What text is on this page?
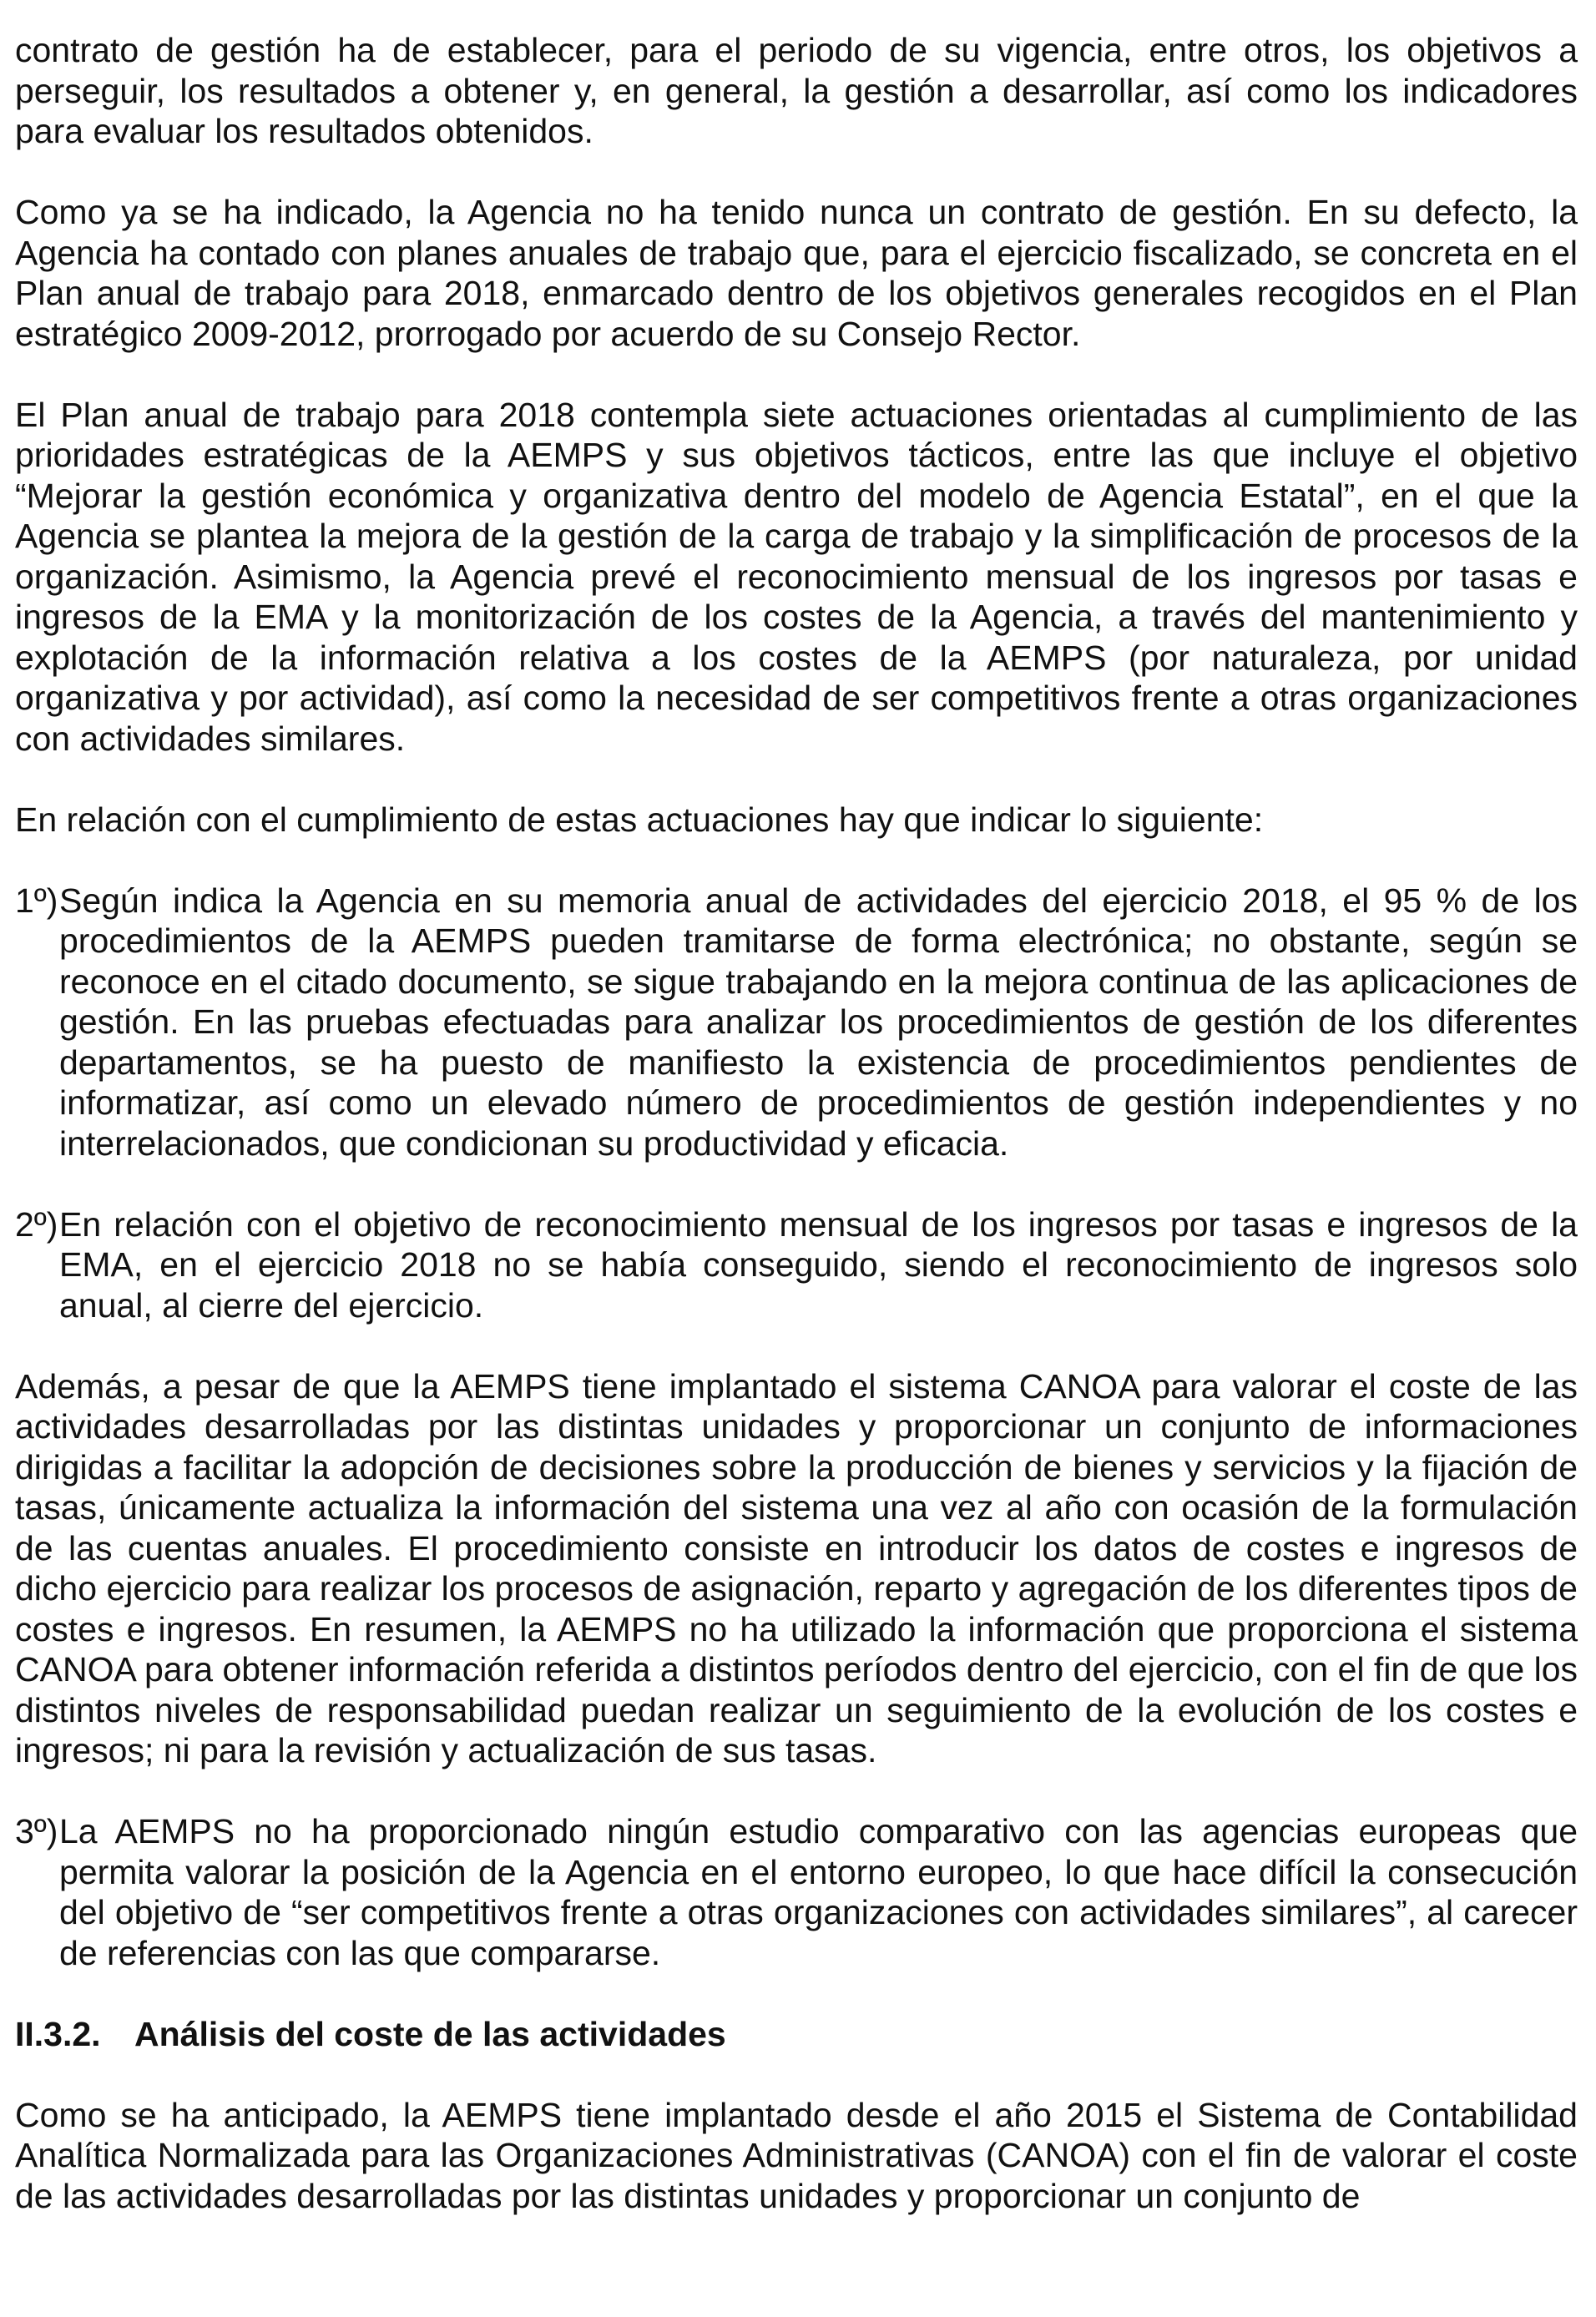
contrato de gestión ha de establecer, para el periodo de su vigencia, entre otros, los objetivos a perseguir, los resultados a obtener y, en general, la gestión a desarrollar, así como los indicadores para evaluar los resultados obtenidos.

Como ya se ha indicado, la Agencia no ha tenido nunca un contrato de gestión. En su defecto, la Agencia ha contado con planes anuales de trabajo que, para el ejercicio fiscalizado, se concreta en el Plan anual de trabajo para 2018, enmarcado dentro de los objetivos generales recogidos en el Plan estratégico 2009-2012, prorrogado por acuerdo de su Consejo Rector.

El Plan anual de trabajo para 2018 contempla siete actuaciones orientadas al cumplimiento de las prioridades estratégicas de la AEMPS y sus objetivos tácticos, entre las que incluye el objetivo “Mejorar la gestión económica y organizativa dentro del modelo de Agencia Estatal”, en el que la Agencia se plantea la mejora de la gestión de la carga de trabajo y la simplificación de procesos de la organización. Asimismo, la Agencia prevé el reconocimiento mensual de los ingresos por tasas e ingresos de la EMA y la monitorización de los costes de la Agencia, a través del mantenimiento y explotación de la información relativa a los costes de la AEMPS (por naturaleza, por unidad organizativa y por actividad), así como la necesidad de ser competitivos frente a otras organizaciones con actividades similares.

En relación con el cumplimiento de estas actuaciones hay que indicar lo siguiente:

1º)Según indica la Agencia en su memoria anual de actividades del ejercicio 2018, el 95 % de los procedimientos de la AEMPS pueden tramitarse de forma electrónica; no obstante, según se reconoce en el citado documento, se sigue trabajando en la mejora continua de las aplicaciones de gestión. En las pruebas efectuadas para analizar los procedimientos de gestión de los diferentes departamentos, se ha puesto de manifiesto la existencia de procedimientos pendientes de informatizar, así como un elevado número de procedimientos de gestión independientes y no interrelacionados, que condicionan su productividad y eficacia.
2º)En relación con el objetivo de reconocimiento mensual de los ingresos por tasas e ingresos de la EMA, en el ejercicio 2018 no se había conseguido, siendo el reconocimiento de ingresos solo anual, al cierre del ejercicio.

Además, a pesar de que la AEMPS tiene implantado el sistema CANOA para valorar el coste de las actividades desarrolladas por las distintas unidades y proporcionar un conjunto de informaciones dirigidas a facilitar la adopción de decisiones sobre la producción de bienes y servicios y la fijación de tasas, únicamente actualiza la información del sistema una vez al año con ocasión de la formulación de las cuentas anuales. El procedimiento consiste en introducir los datos de costes e ingresos de dicho ejercicio para realizar los procesos de asignación, reparto y agregación de los diferentes tipos de costes e ingresos. En resumen, la AEMPS no ha utilizado la información que proporciona el sistema CANOA para obtener información referida a distintos períodos dentro del ejercicio, con el fin de que los distintos niveles de responsabilidad puedan realizar un seguimiento de la evolución de los costes e ingresos; ni para la revisión y actualización de sus tasas.

3º)La AEMPS no ha proporcionado ningún estudio comparativo con las agencias europeas que permita valorar la posición de la Agencia en el entorno europeo, lo que hace difícil la consecución del objetivo de “ser competitivos frente a otras organizaciones con actividades similares”, al carecer de referencias con las que compararse.
II.3.2. Análisis del coste de las actividades

Como se ha anticipado, la AEMPS tiene implantado desde el año 2015 el Sistema de Contabilidad Analítica Normalizada para las Organizaciones Administrativas (CANOA) con el fin de valorar el coste de las actividades desarrolladas por las distintas unidades y proporcionar un conjunto de
